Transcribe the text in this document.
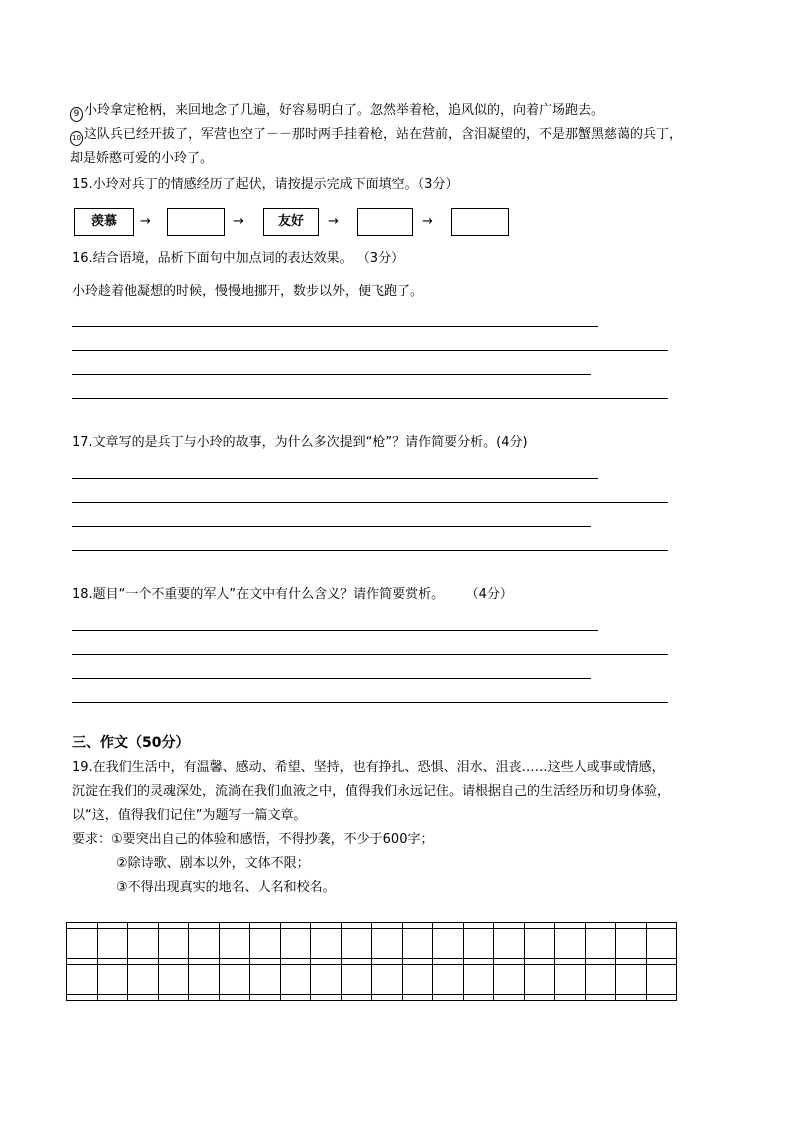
9 小玲拿定枪柄，来回地念了几遍，好容易明白了。忽然举着枪，追风似的，向着广场跑去。
10 这队兵已经开拔了，军营也空了－－那时两手挂着枪，站在营前，含泪凝望的，不是那蟹黑慈蔼的兵丁，
却是娇憨可爱的小玲了。
15.小玲对兵丁的情感经历了起伏，请按提示完成下面填空。（3分）
羡慕	→	→	友好	→	→
16.结合语境，品析下面句中加点词的表达效果。 （3分）
小玲趁着他凝想的时候，慢慢地挪开，数步以外，便飞跑了。
17.文章写的是兵丁与小玲的故事，为什么多次提到“枪”？请作简要分析。(4分)
18.题目“一个不重要的军人”在文中有什么含义？请作简要赏析。 （4分）
三、作文（50分）
19.在我们生活中，有温馨、感动、希望、坚持，也有挣扎、恐惧、泪水、沮丧……这些人或事或情感，
沉淀在我们的灵魂深处，流淌在我们血液之中，值得我们永远记住。请根据自己的生活经历和切身体验，
以“这，值得我们记住”为题写一篇文章。
要求：①要突出自己的体验和感悟，不得抄袭，不少于600字；
②除诗歌、剧本以外，文体不限；
③不得出现真实的地名、人名和校名。
